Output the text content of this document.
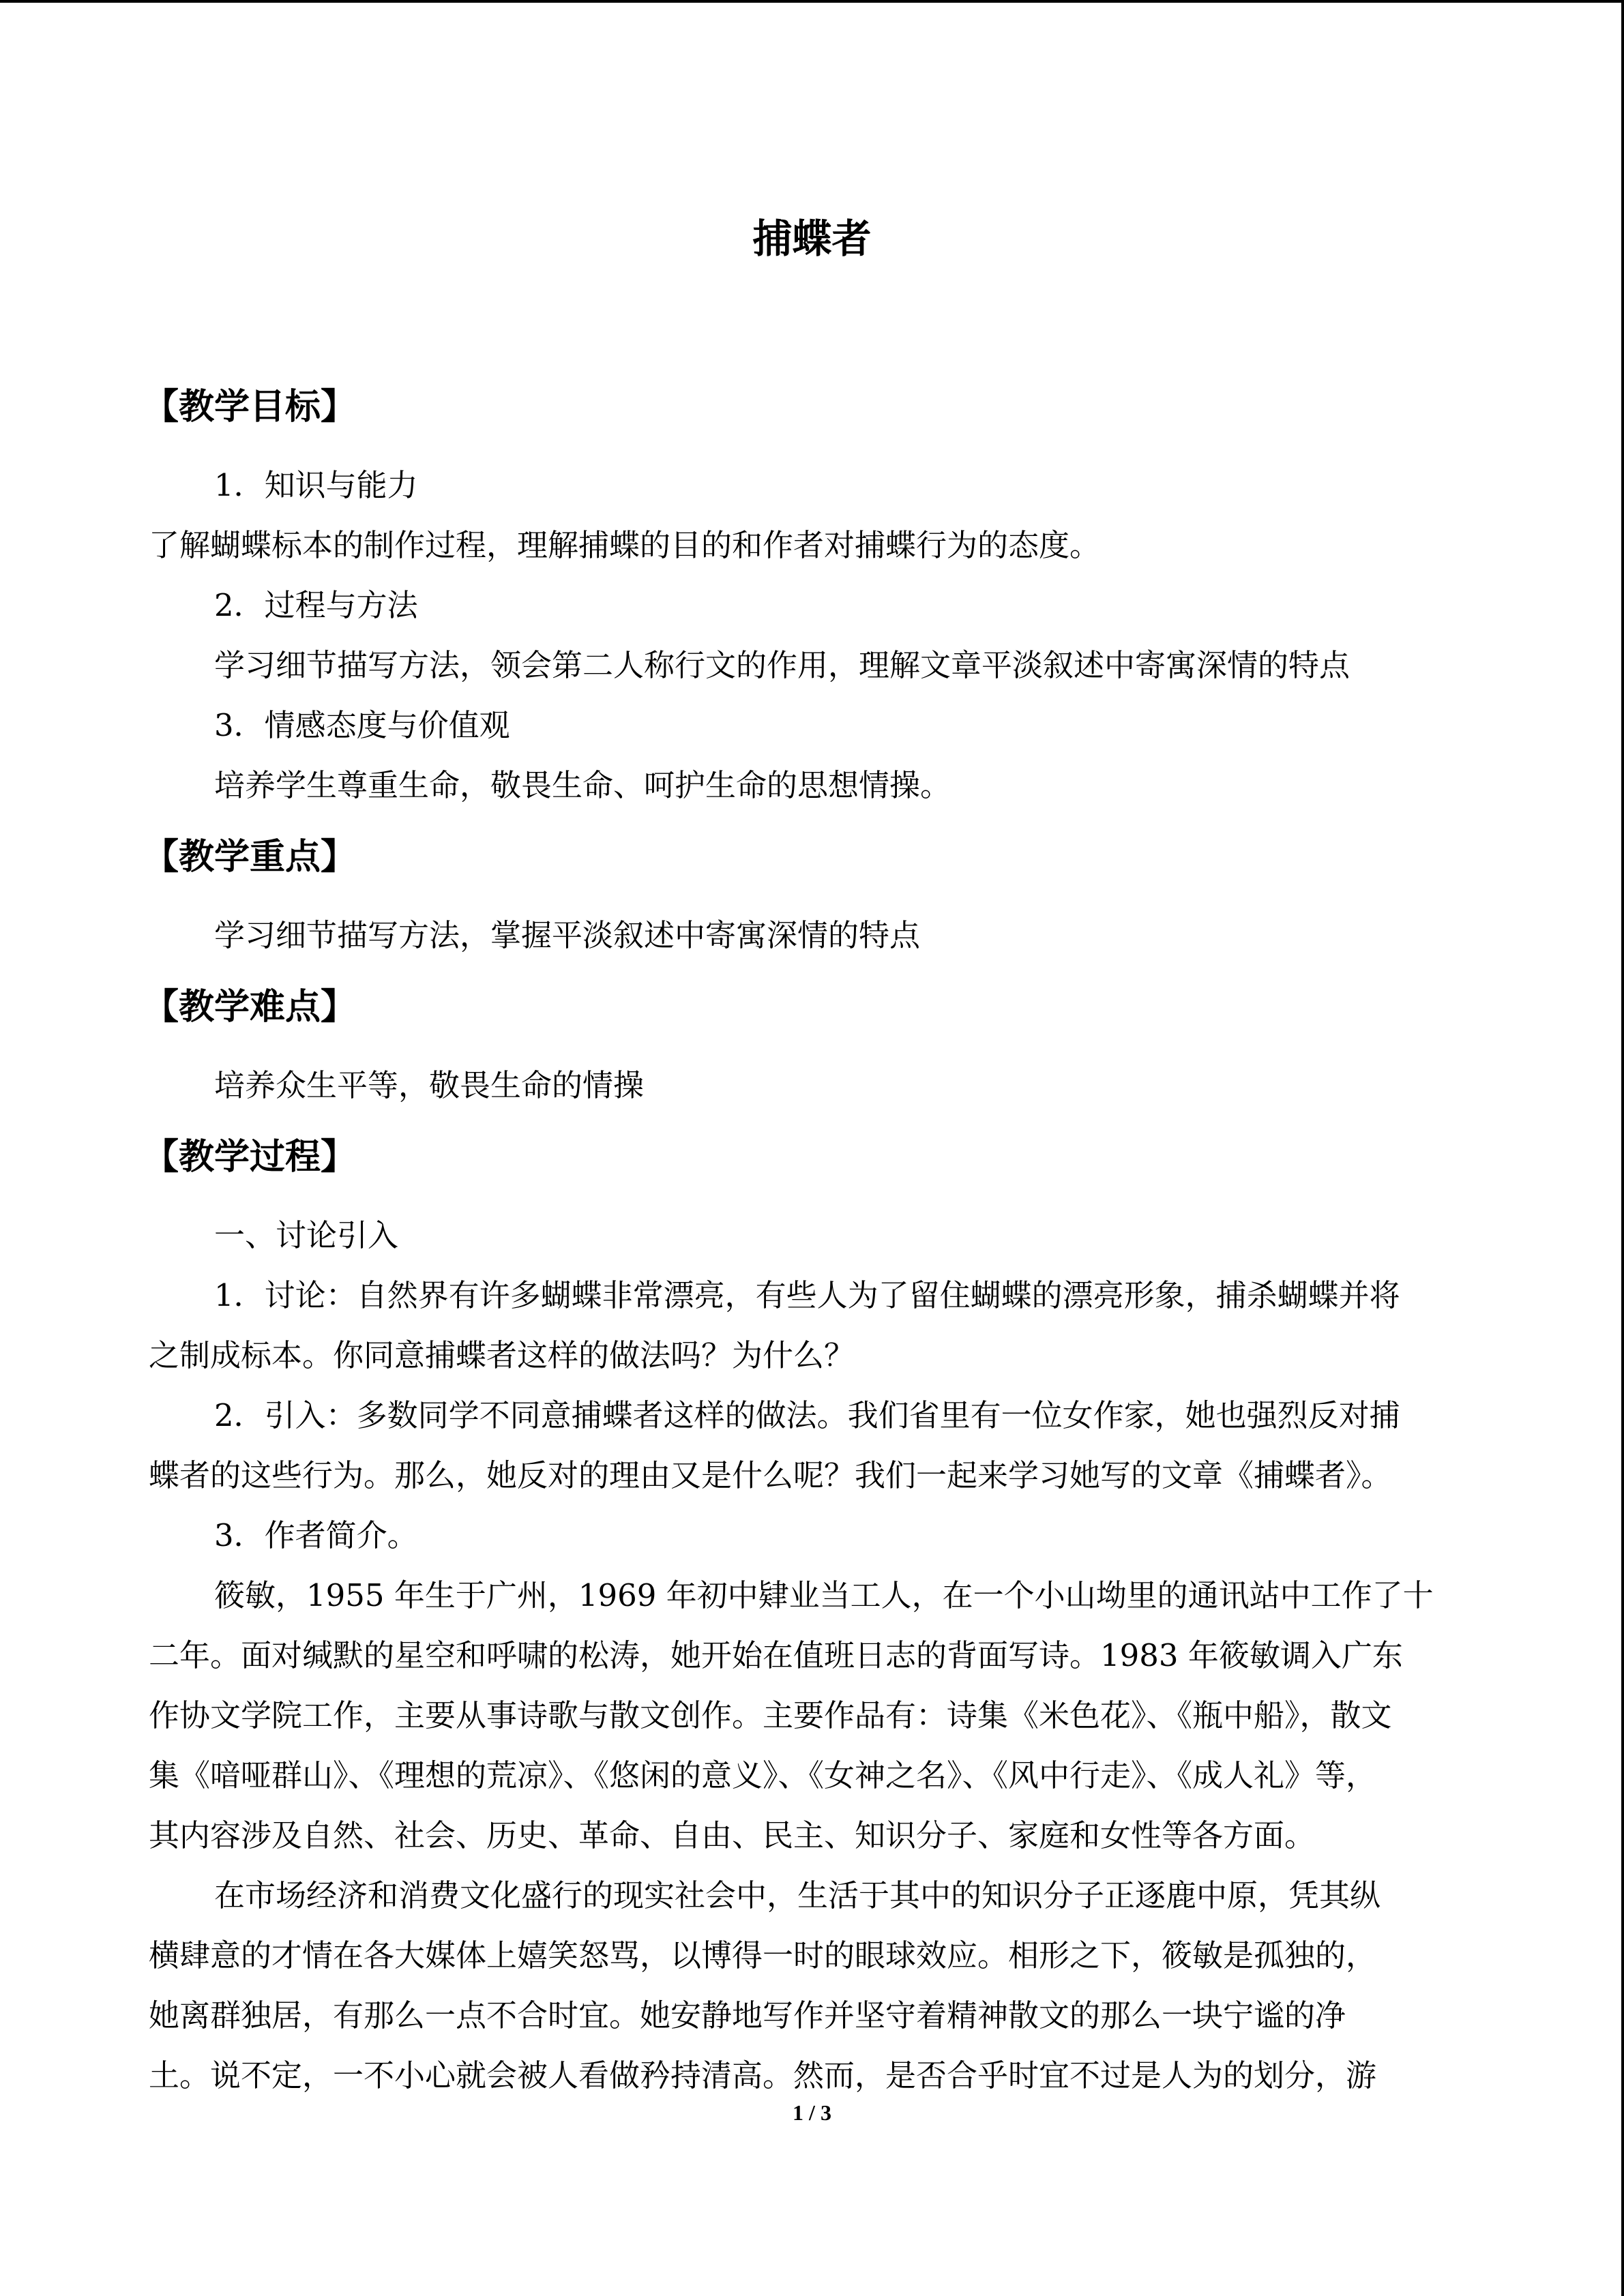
捕蝶者
【教学目标】
1．知识与能力
了解蝴蝶标本的制作过程，理解捕蝶的目的和作者对捕蝶行为的态度。
2．过程与方法
学习细节描写方法，领会第二人称行文的作用，理解文章平淡叙述中寄寓深情的特点
3．情感态度与价值观
培养学生尊重生命，敬畏生命、呵护生命的思想情操。
【教学重点】
学习细节描写方法，掌握平淡叙述中寄寓深情的特点
【教学难点】
培养众生平等，敬畏生命的情操
【教学过程】
一、讨论引入
1．讨论：自然界有许多蝴蝶非常漂亮，有些人为了留住蝴蝶的漂亮形象，捕杀蝴蝶并将
之制成标本。你同意捕蝶者这样的做法吗？为什么？
2．引入：多数同学不同意捕蝶者这样的做法。我们省里有一位女作家，她也强烈反对捕
蝶者的这些行为。那么，她反对的理由又是什么呢？我们一起来学习她写的文章《捕蝶者》。
3．作者简介。
筱敏，1955 年生于广州，1969 年初中肄业当工人，在一个小山坳里的通讯站中工作了十
二年。面对缄默的星空和呼啸的松涛，她开始在值班日志的背面写诗。1983 年筱敏调入广东
作协文学院工作，主要从事诗歌与散文创作。主要作品有：诗集《米色花》、《瓶中船》，散文
集《喑哑群山》、《理想的荒凉》、《悠闲的意义》、《女神之名》、《风中行走》、《成人礼》等，
其内容涉及自然、社会、历史、革命、自由、民主、知识分子、家庭和女性等各方面。
在市场经济和消费文化盛行的现实社会中，生活于其中的知识分子正逐鹿中原，凭其纵
横肆意的才情在各大媒体上嬉笑怒骂，以博得一时的眼球效应。相形之下，筱敏是孤独的，
她离群独居，有那么一点不合时宜。她安静地写作并坚守着精神散文的那么一块宁谧的净
土。说不定，一不小心就会被人看做矜持清高。然而，是否合乎时宜不过是人为的划分，游
1 / 3
